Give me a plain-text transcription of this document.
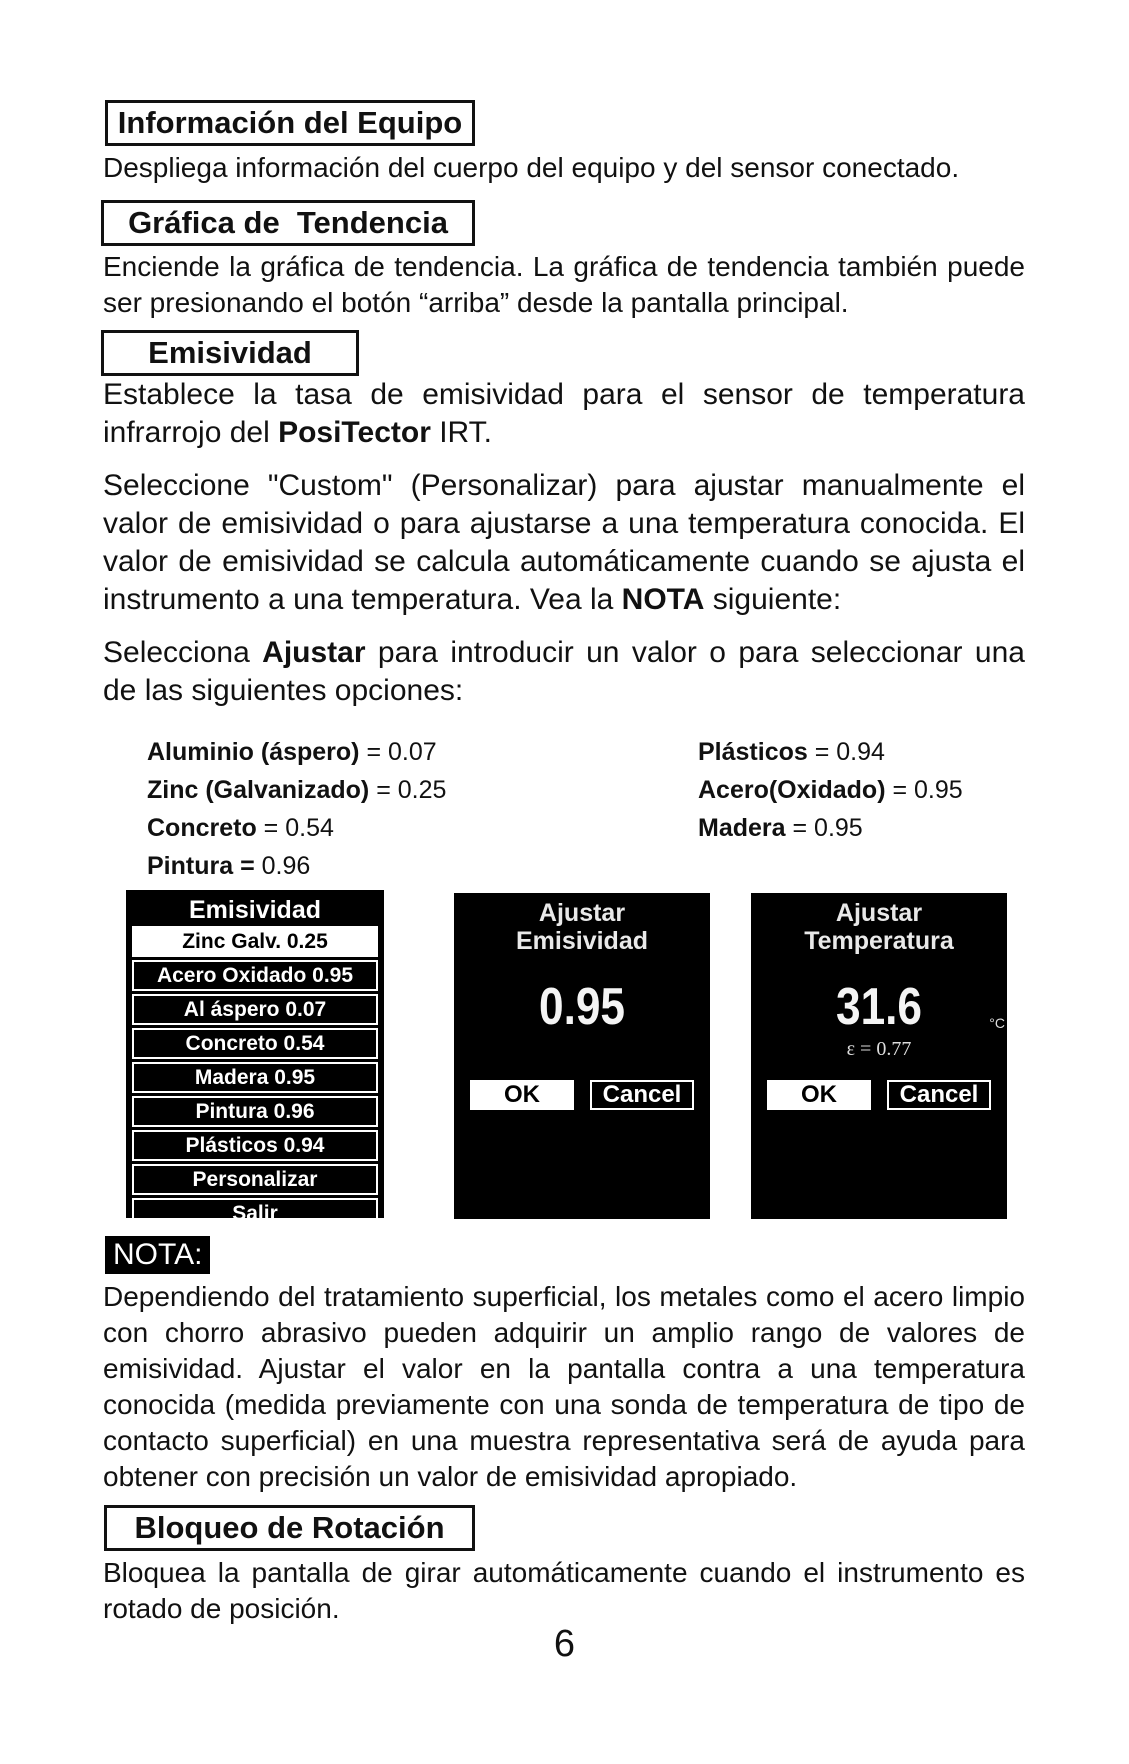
Información del Equipo

Despliega información del cuerpo del equipo y del sensor conectado.

Gráfica de  Tendencia

Enciende la gráfica de tendencia. La gráfica de tendencia también puede ser presionando el botón “arriba” desde la pantalla principal.

Emisividad

Establece la tasa de emisividad para el sensor de temperatura infrarrojo del PosiTector IRT.

Seleccione "Custom" (Personalizar) para ajustar manualmente el valor de emisividad o para ajustarse a una temperatura conocida. El valor de emisividad se calcula automáticamente cuando se ajusta el instrumento a una temperatura. Vea la NOTA siguiente:

Selecciona Ajustar para introducir un valor o para seleccionar una de las siguientes opciones:

Aluminio (áspero) = 0.07
Zinc (Galvanizado) = 0.25
Concreto = 0.54
Pintura = 0.96
Plásticos = 0.94
Acero(Oxidado) = 0.95
Madera = 0.95
Emisividad
Zinc Galv. 0.25
Acero Oxidado 0.95
Al áspero 0.07
Concreto 0.54
Madera 0.95
Pintura 0.96
Plásticos 0.94
Personalizar
Salir
Ajustar
Emisividad
0.95
OK	Cancel
Ajustar
Temperatura
31.6
ε = 0.77
°C
OK	Cancel
NOTA:

Dependiendo del tratamiento superficial, los metales como el acero limpio con chorro abrasivo pueden adquirir un amplio rango de valores de emisividad. Ajustar el valor en la pantalla contra a una temperatura conocida (medida previamente con una sonda de temperatura de tipo de contacto superficial) en una muestra representativa será de ayuda para obtener con precisión un valor de emisividad apropiado.

Bloqueo de Rotación

Bloquea la pantalla de girar automáticamente cuando el instrumento es rotado de posición.

6
